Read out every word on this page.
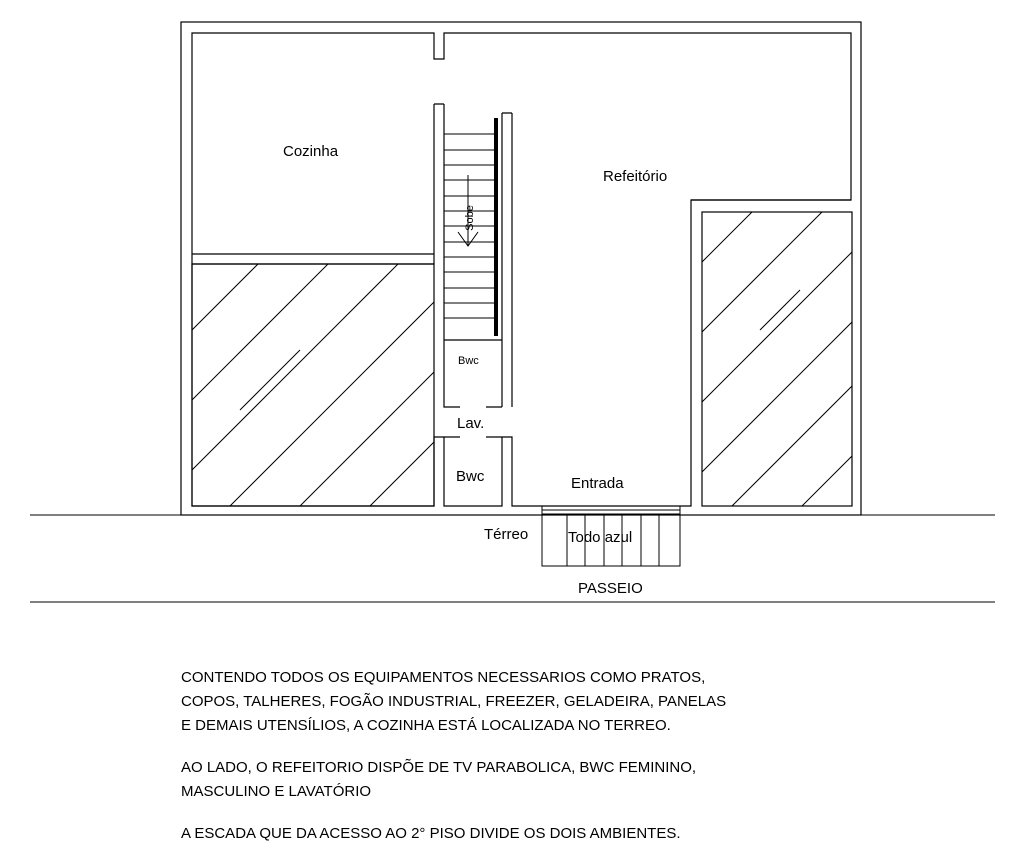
Cozinha
Refeitório
Sobe
Bwc
Lav.
Bwc	Entrada
Térreo	Todo azul
PASSEIO

CONTENDO TODOS OS EQUIPAMENTOS NECESSARIOS COMO PRATOS,

COPOS, TALHERES, FOGÃO INDUSTRIAL, FREEZER, GELADEIRA, PANELAS

E DEMAIS UTENSÍLIOS, A COZINHA ESTÁ LOCALIZADA NO TERREO.

AO LADO, O REFEITORIO DISPÕE DE TV PARABOLICA, BWC FEMININO,

MASCULINO E LAVATÓRIO

A ESCADA QUE DA ACESSO AO 2° PISO DIVIDE OS DOIS AMBIENTES.
